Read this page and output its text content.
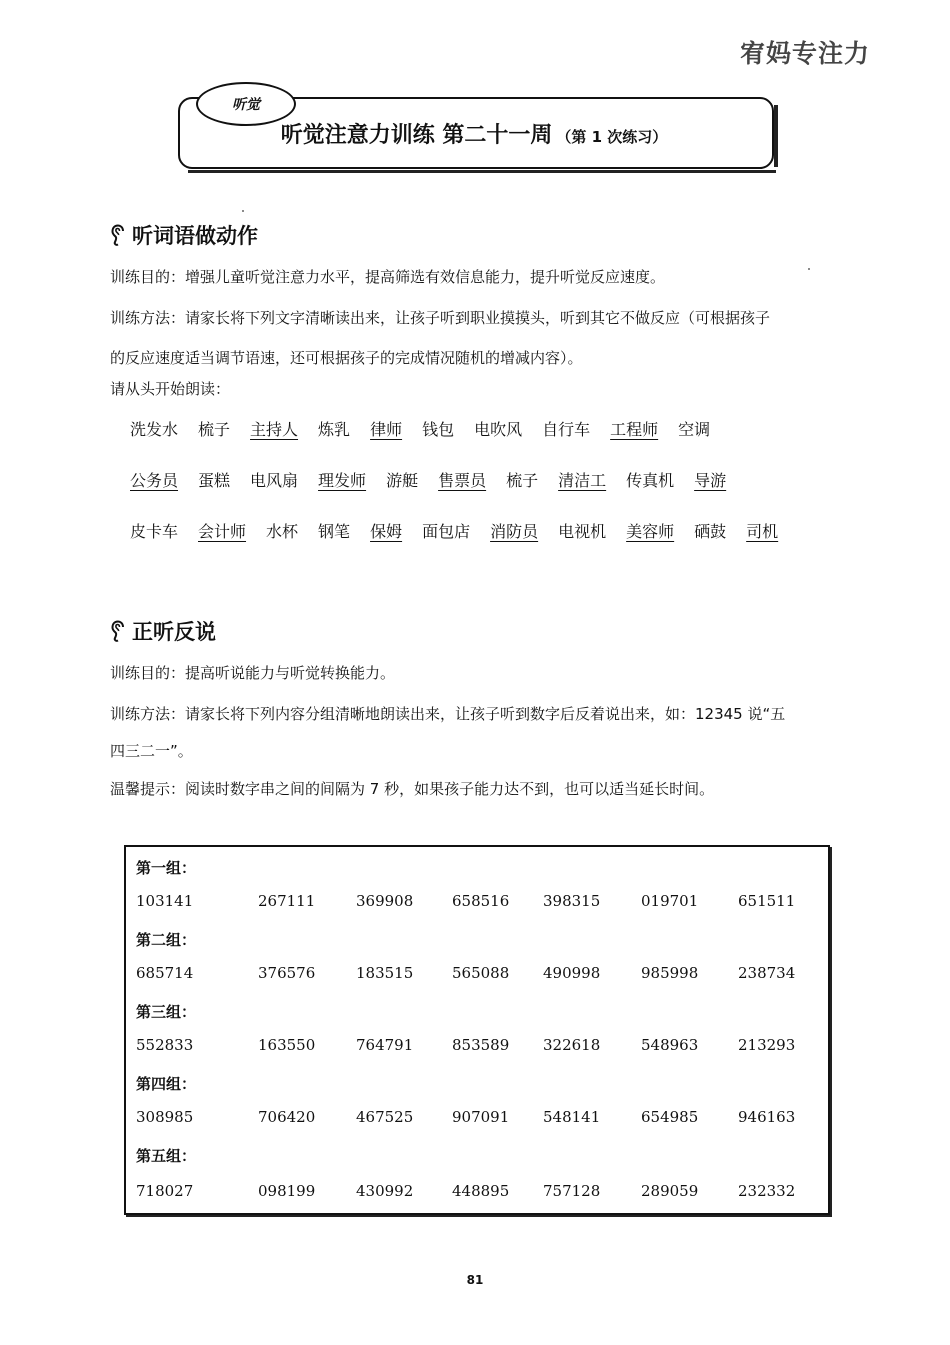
宥妈专注力
听觉
听觉注意力训练 第二十一周 （第 1 次练习）
听词语做动作
训练目的：增强儿童听觉注意力水平，提高筛选有效信息能力，提升听觉反应速度。
训练方法：请家长将下列文字清晰读出来，让孩子听到职业摸摸头，听到其它不做反应（可根据孩子
的反应速度适当调节语速，还可根据孩子的完成情况随机的增减内容）。
请从头开始朗读：
洗发水 梳子 主持人 炼乳 律师 钱包 电吹风 自行车 工程师 空调
公务员 蛋糕 电风扇 理发师 游艇 售票员 梳子 清洁工 传真机 导游
皮卡车 会计师 水杯 钢笔 保姆 面包店 消防员 电视机 美容师 硒鼓 司机
正听反说
训练目的：提高听说能力与听觉转换能力。
训练方法：请家长将下列内容分组清晰地朗读出来，让孩子听到数字后反着说出来，如：12345 说“五
四三二一”。
温馨提示：阅读时数字串之间的间隔为 7 秒，如果孩子能力达不到，也可以适当延长时间。
第一组：
103141	267111	369908	658516 398315	019701	651511
第二组：
685714	376576	183515	565088 490998	985998	238734
第三组：
552833	163550	764791	853589 322618	548963	213293
第四组：
308985	706420	467525	907091 548141	654985	946163
第五组：
718027	098199	430992	448895 757128	289059	232332
81
